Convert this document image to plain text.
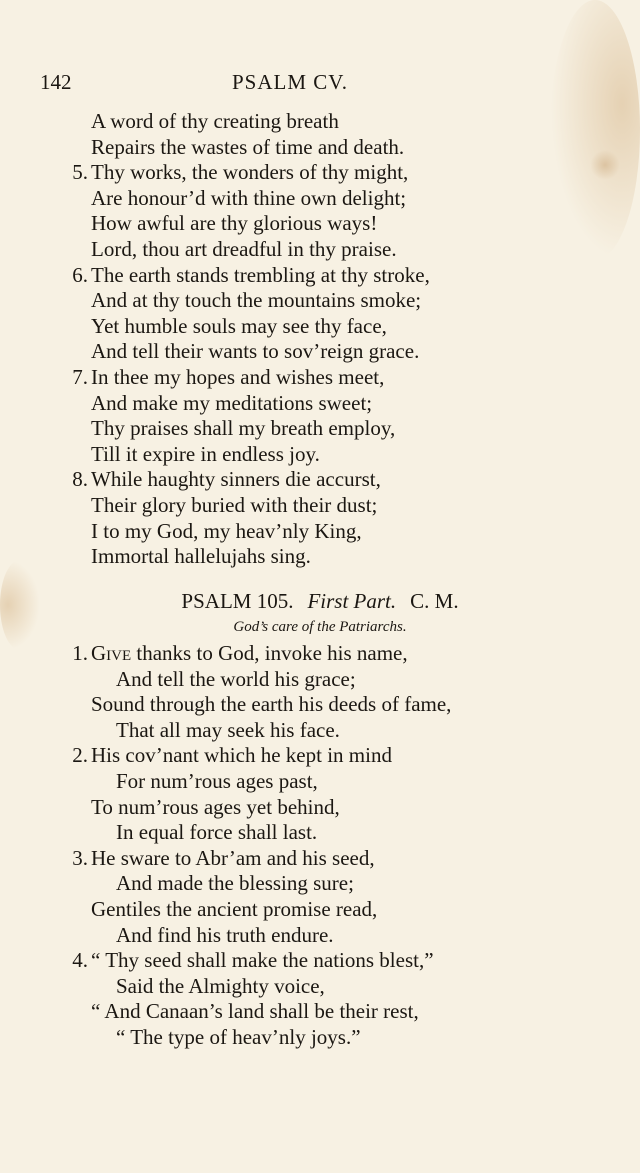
142	PSALM CV.
A word of thy creating breath
Repairs the wastes of time and death.
5. Thy works, the wonders of thy might,
Are honour’d with thine own delight;
How awful are thy glorious ways!
Lord, thou art dreadful in thy praise.
6. The earth stands trembling at thy stroke,
And at thy touch the mountains smoke;
Yet humble souls may see thy face,
And tell their wants to sov’reign grace.
7. In thee my hopes and wishes meet,
And make my meditations sweet;
Thy praises shall my breath employ,
Till it expire in endless joy.
8. While haughty sinners die accurst,
Their glory buried with their dust;
I to my God, my heav’nly King,
Immortal hallelujahs sing.
PSALM 105. First Part. C. M.
God’s care of the Patriarchs.
1. Give thanks to God, invoke his name,
And tell the world his grace;
Sound through the earth his deeds of fame,
That all may seek his face.
2. His cov’nant which he kept in mind
For num’rous ages past,
To num’rous ages yet behind,
In equal force shall last.
3. He sware to Abr’am and his seed,
And made the blessing sure;
Gentiles the ancient promise read,
And find his truth endure.
4. “ Thy seed shall make the nations blest,”
Said the Almighty voice,
“ And Canaan’s land shall be their rest,
“ The type of heav’nly joys.”
